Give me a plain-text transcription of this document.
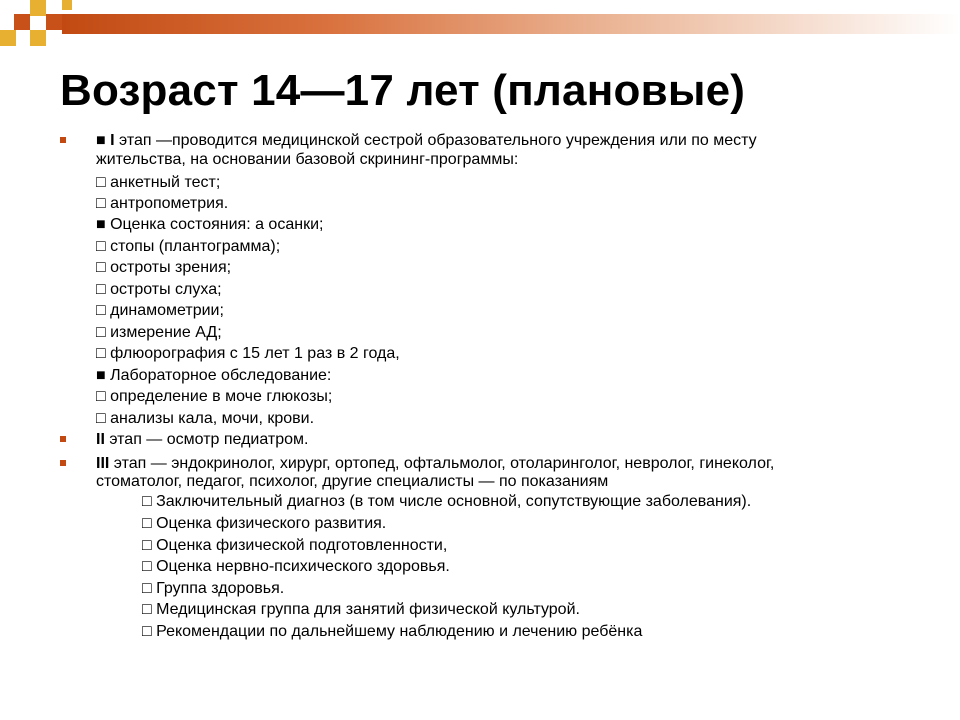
Возраст 14—17 лет (плановые)
■ I этап —проводится медицинской сестрой образовательного учреждения или по месту
жительства, на основании базовой скрининг-программы:
□ анкетный тест;
□ антропометрия.
■ Оценка состояния: а осанки;
□ стопы (плантограмма);
□ остроты зрения;
□ остроты слуха;
□ динамометрии;
□ измерение АД;
□ флюорография с 15 лет 1 раз в 2 года,
■ Лабораторное обследование:
□ определение в моче глюкозы;
□ анализы кала, мочи, крови.
II этап — осмотр педиатром.
III этап — эндокринолог, хирург, ортопед, офтальмолог, отоларинголог, невролог, гинеколог,
стоматолог, педагог, психолог, другие специалисты — по показаниям
□ Заключительный диагноз (в том числе основной, сопутствующие заболевания).
□ Оценка физического развития.
□ Оценка физической подготовленности,
□ Оценка нервно-психического здоровья.
□ Группа здоровья.
□ Медицинская группа для занятий физической культурой.
□ Рекомендации по дальнейшему наблюдению и лечению ребёнка
